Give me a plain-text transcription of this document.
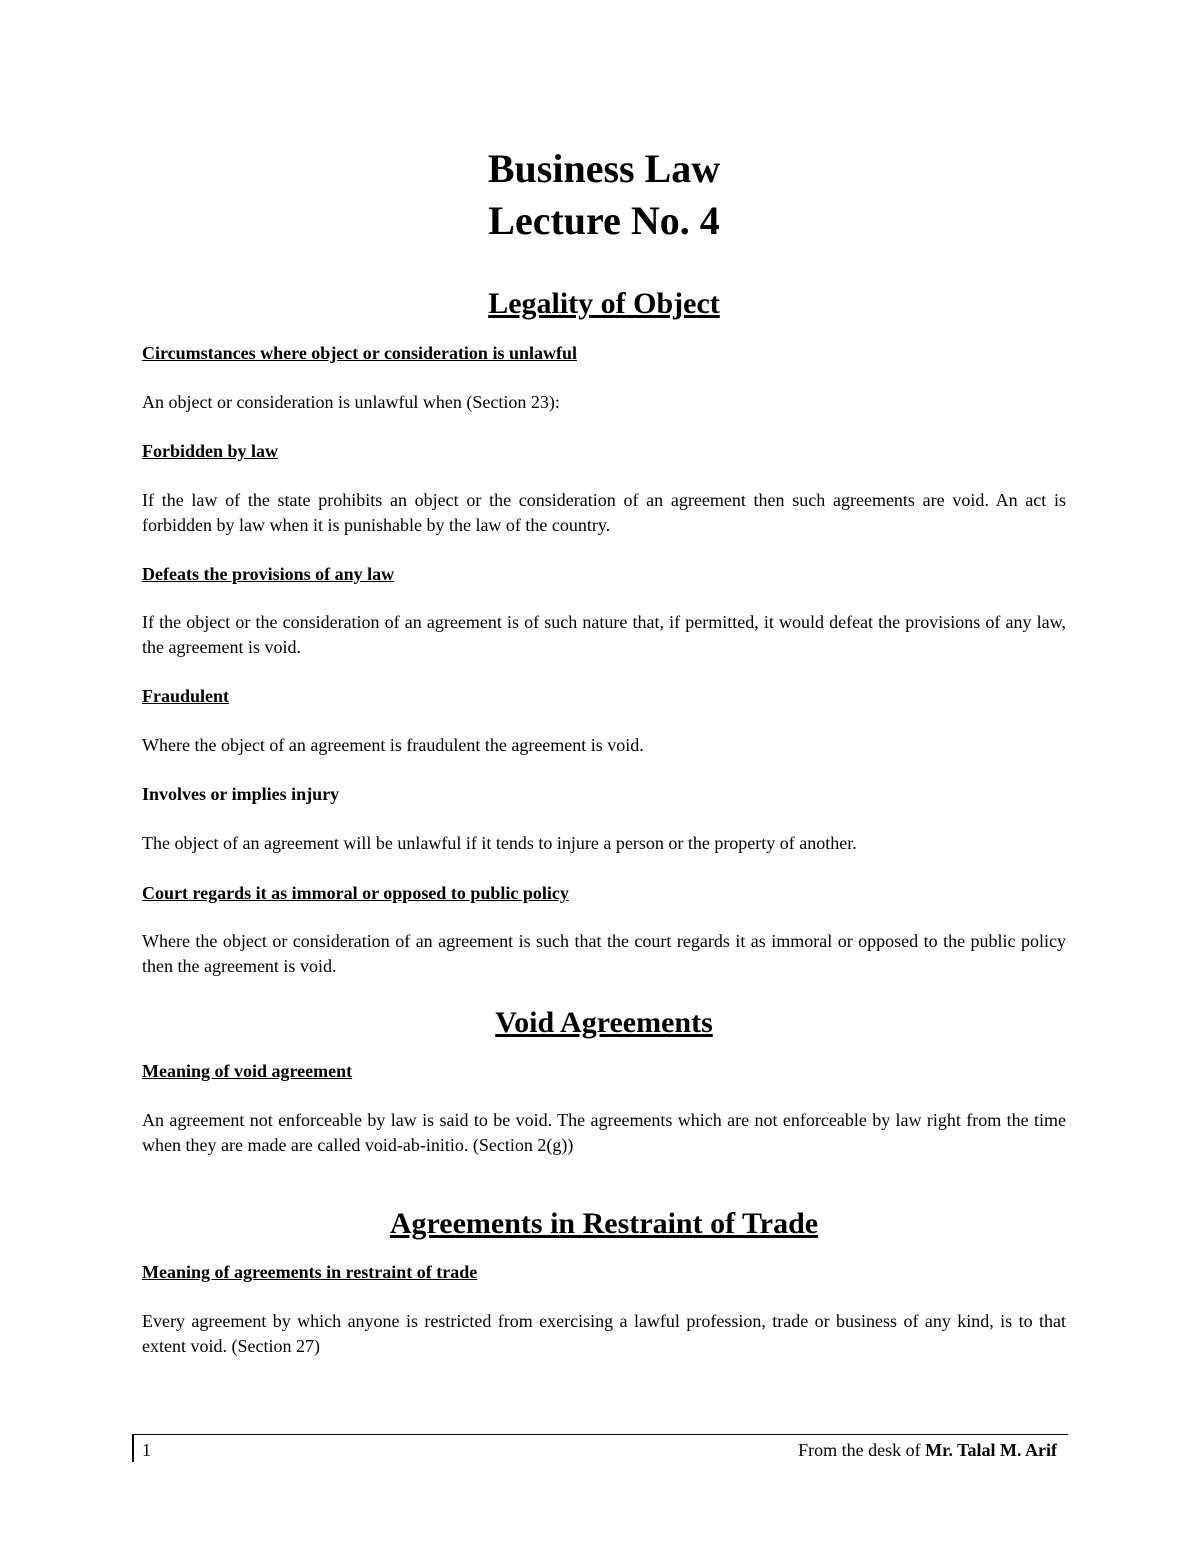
Business Law
Lecture No. 4
Legality of Object

Circumstances where object or consideration is unlawful

An object or consideration is unlawful when (Section 23):

Forbidden by law

If the law of the state prohibits an object or the consideration of an agreement then such agreements are void. An act is forbidden by law when it is punishable by the law of the country.

Defeats the provisions of any law

If the object or the consideration of an agreement is of such nature that, if permitted, it would defeat the provisions of any law, the agreement is void.

Fraudulent

Where the object of an agreement is fraudulent the agreement is void.

Involves or implies injury

The object of an agreement will be unlawful if it tends to injure a person or the property of another.

Court regards it as immoral or opposed to public policy

Where the object or consideration of an agreement is such that the court regards it as immoral or opposed to the public policy then the agreement is void.

Void Agreements

Meaning of void agreement

An agreement not enforceable by law is said to be void. The agreements which are not enforceable by law right from the time when they are made are called void-ab-initio. (Section 2(g))

Agreements in Restraint of Trade

Meaning of agreements in restraint of trade

Every agreement by which anyone is restricted from exercising a lawful profession, trade or business of any kind, is to that extent void. (Section 27)

1	From the desk of Mr. Talal M. Arif
